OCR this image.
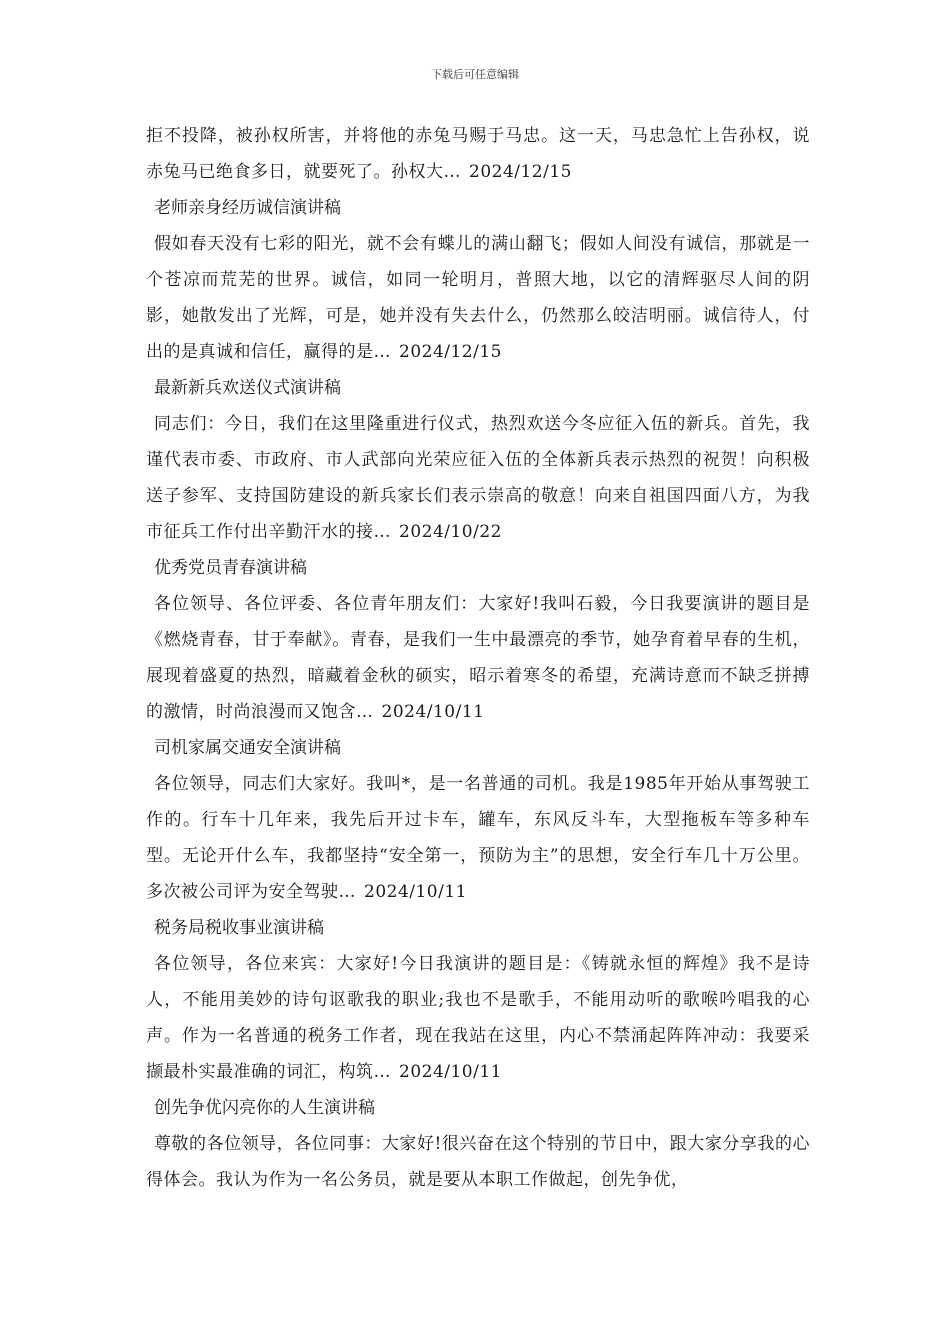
下载后可任意编辑

拒不投降，被孙权所害，并将他的赤兔马赐于马忠。这一天，马忠急忙上告孙权，说赤兔马已绝食多日，就要死了。孙权大… 2024/12/15

老师亲身经历诚信演讲稿

假如春天没有七彩的阳光，就不会有蝶儿的满山翻飞；假如人间没有诚信，那就是一个苍凉而荒芜的世界。诚信，如同一轮明月，普照大地，以它的清辉驱尽人间的阴影，她散发出了光辉，可是，她并没有失去什么，仍然那么皎洁明丽。诚信待人，付出的是真诚和信任，赢得的是… 2024/12/15

最新新兵欢送仪式演讲稿

同志们：今日，我们在这里隆重进行仪式，热烈欢送今冬应征入伍的新兵。首先，我谨代表市委、市政府、市人武部向光荣应征入伍的全体新兵表示热烈的祝贺！向积极送子参军、支持国防建设的新兵家长们表示崇高的敬意！向来自祖国四面八方，为我市征兵工作付出辛勤汗水的接… 2024/10/22

优秀党员青春演讲稿

各位领导、各位评委、各位青年朋友们：大家好!我叫石毅，今日我要演讲的题目是《燃烧青春，甘于奉献》。青春，是我们一生中最漂亮的季节，她孕育着早春的生机，展现着盛夏的热烈，暗藏着金秋的硕实，昭示着寒冬的希望，充满诗意而不缺乏拼搏的激情，时尚浪漫而又饱含… 2024/10/11

司机家属交通安全演讲稿

各位领导，同志们大家好。我叫*，是一名普通的司机。我是1985年开始从事驾驶工作的。行车十几年来，我先后开过卡车，罐车，东风反斗车，大型拖板车等多种车型。无论开什么车，我都坚持“安全第一，预防为主”的思想，安全行车几十万公里。多次被公司评为安全驾驶… 2024/10/11

税务局税收事业演讲稿

各位领导，各位来宾：大家好!今日我演讲的题目是：《铸就永恒的辉煌》我不是诗人，不能用美妙的诗句讴歌我的职业;我也不是歌手，不能用动听的歌喉吟唱我的心声。作为一名普通的税务工作者，现在我站在这里，内心不禁涌起阵阵冲动：我要采撷最朴实最准确的词汇，构筑… 2024/10/11

创先争优闪亮你的人生演讲稿

尊敬的各位领导，各位同事：大家好!很兴奋在这个特别的节日中，跟大家分享我的心得体会。我认为作为一名公务员，就是要从本职工作做起，创先争优，
